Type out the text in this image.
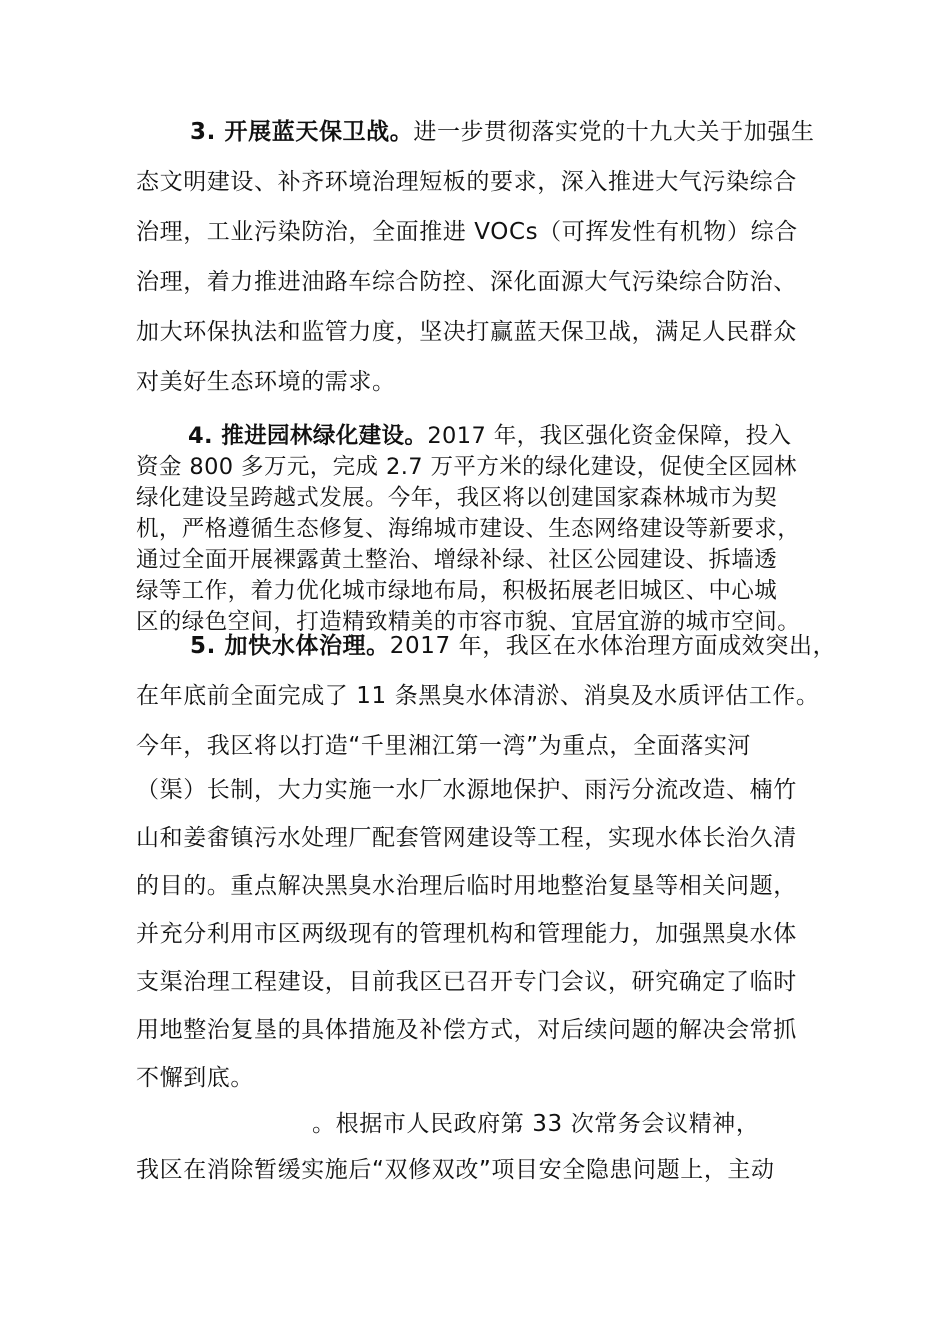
3. 开展蓝天保卫战。进一步贯彻落实党的十九大关于加强生
态文明建设、补齐环境治理短板的要求，深入推进大气污染综合
治理，工业污染防治，全面推进 VOCs（可挥发性有机物）综合
治理，着力推进油路车综合防控、深化面源大气污染综合防治、
加大环保执法和监管力度，坚决打赢蓝天保卫战，满足人民群众
对美好生态环境的需求。
4. 推进园林绿化建设。2017 年，我区强化资金保障，投入
资金 800 多万元，完成 2.7 万平方米的绿化建设，促使全区园林
绿化建设呈跨越式发展。今年，我区将以创建国家森林城市为契
机，严格遵循生态修复、海绵城市建设、生态网络建设等新要求，
通过全面开展裸露黄土整治、增绿补绿、社区公园建设、拆墙透
绿等工作，着力优化城市绿地布局，积极拓展老旧城区、中心城
区的绿色空间，打造精致精美的市容市貌、宜居宜游的城市空间。
5. 加快水体治理。2017 年，我区在水体治理方面成效突出，
在年底前全面完成了 11 条黑臭水体清淤、消臭及水质评估工作。
今年，我区将以打造“千里湘江第一湾”为重点，全面落实河
（渠）长制，大力实施一水厂水源地保护、雨污分流改造、楠竹
山和姜畬镇污水处理厂配套管网建设等工程，实现水体长治久清
的目的。重点解决黑臭水治理后临时用地整治复垦等相关问题，
并充分利用市区两级现有的管理机构和管理能力，加强黑臭水体
支渠治理工程建设，目前我区已召开专门会议，研究确定了临时
用地整治复垦的具体措施及补偿方式，对后续问题的解决会常抓
不懈到底。
。根据市人民政府第 33 次常务会议精神，
我区在消除暂缓实施后“双修双改”项目安全隐患问题上，主动
